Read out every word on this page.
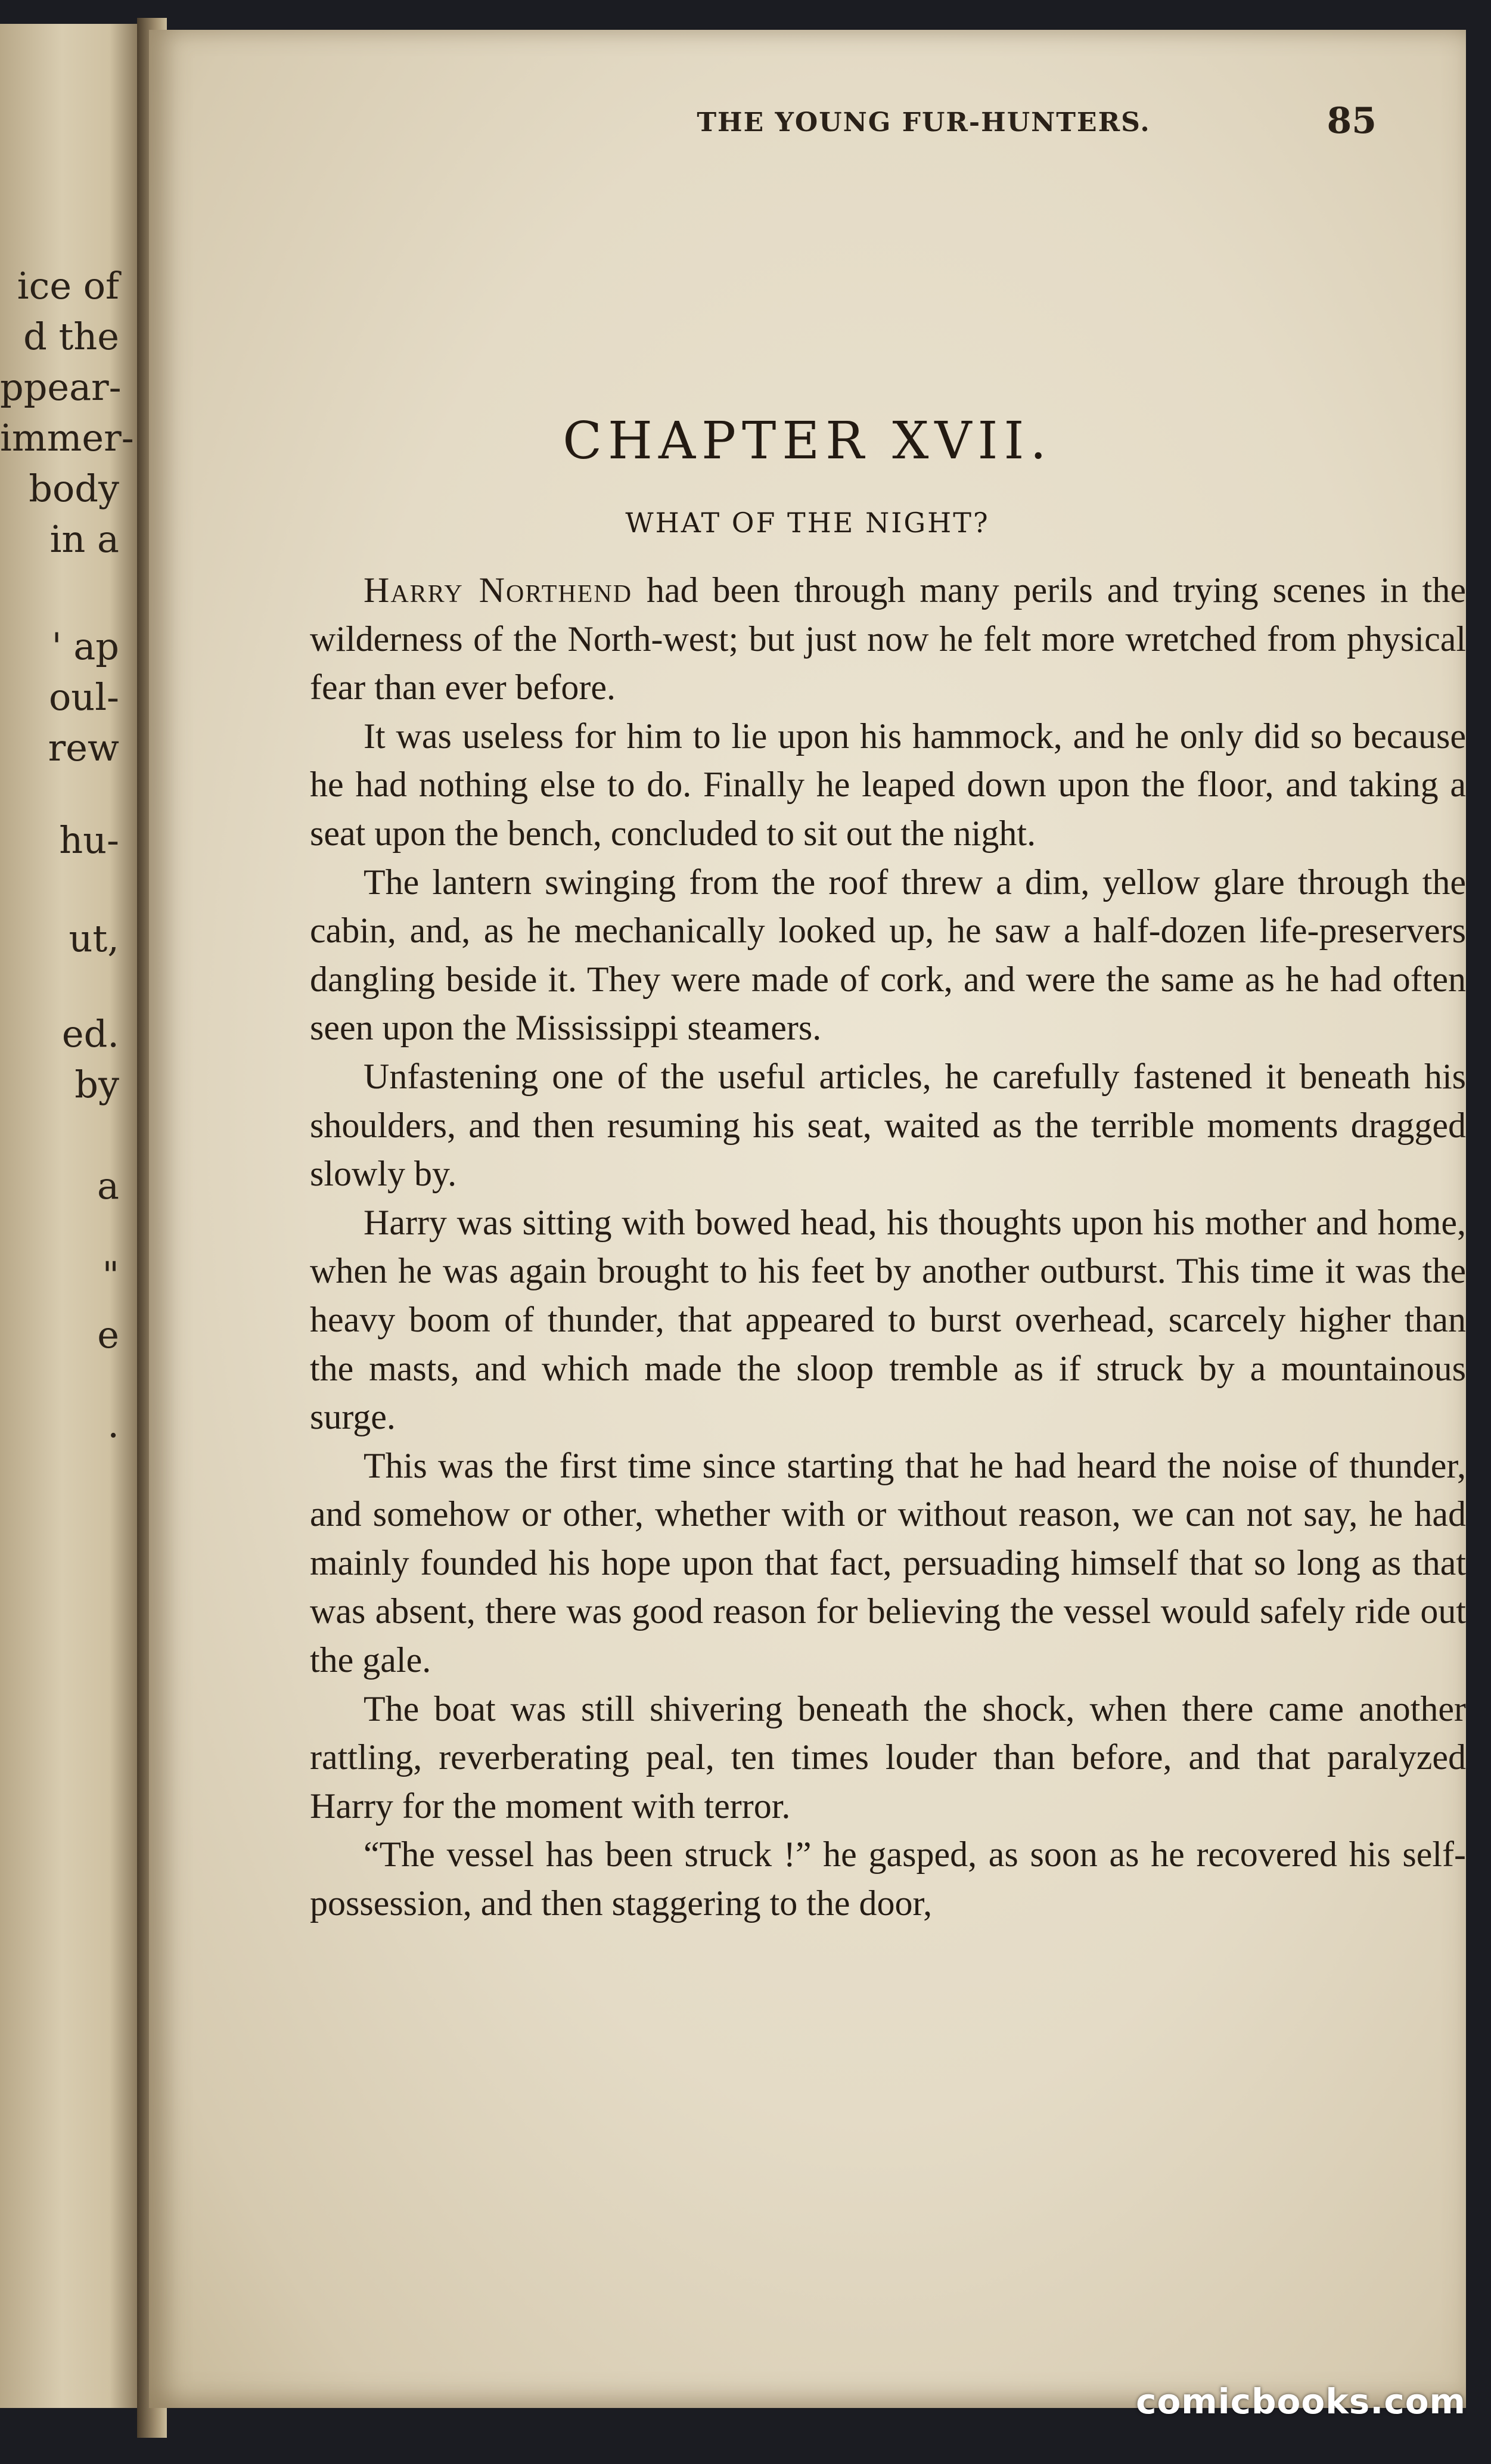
ice of
d the
ppear-
immer-
body
in a
' ap
oul-
rew
hu-
ut,
ed.
by
a
"
e
.
THE YOUNG FUR-HUNTERS.	85
CHAPTER XVII.
WHAT OF THE NIGHT?

Harry Northend had been through many perils and trying scenes in the wilderness of the North-west; but just now he felt more wretched from physical fear than ever before.

It was useless for him to lie upon his hammock, and he only did so because he had nothing else to do. Finally he leaped down upon the floor, and taking a seat upon the bench, concluded to sit out the night.

The lantern swinging from the roof threw a dim, yellow glare through the cabin, and, as he mechanically looked up, he saw a half-dozen life-preservers dangling beside it. They were made of cork, and were the same as he had often seen upon the Mississippi steamers.

Unfastening one of the useful articles, he carefully fastened it beneath his shoulders, and then resuming his seat, waited as the terrible moments dragged slowly by.

Harry was sitting with bowed head, his thoughts upon his mother and home, when he was again brought to his feet by another outburst. This time it was the heavy boom of thunder, that appeared to burst overhead, scarcely higher than the masts, and which made the sloop tremble as if struck by a mountainous surge.

This was the first time since starting that he had heard the noise of thunder, and somehow or other, whether with or without reason, we can not say, he had mainly founded his hope upon that fact, persuading himself that so long as that was absent, there was good reason for believing the vessel would safely ride out the gale.

The boat was still shivering beneath the shock, when there came another rattling, reverberating peal, ten times louder than before, and that paralyzed Harry for the moment with terror.

“The vessel has been struck !” he gasped, as soon as he recovered his self-possession, and then staggering to the door,

comicbooks.com
